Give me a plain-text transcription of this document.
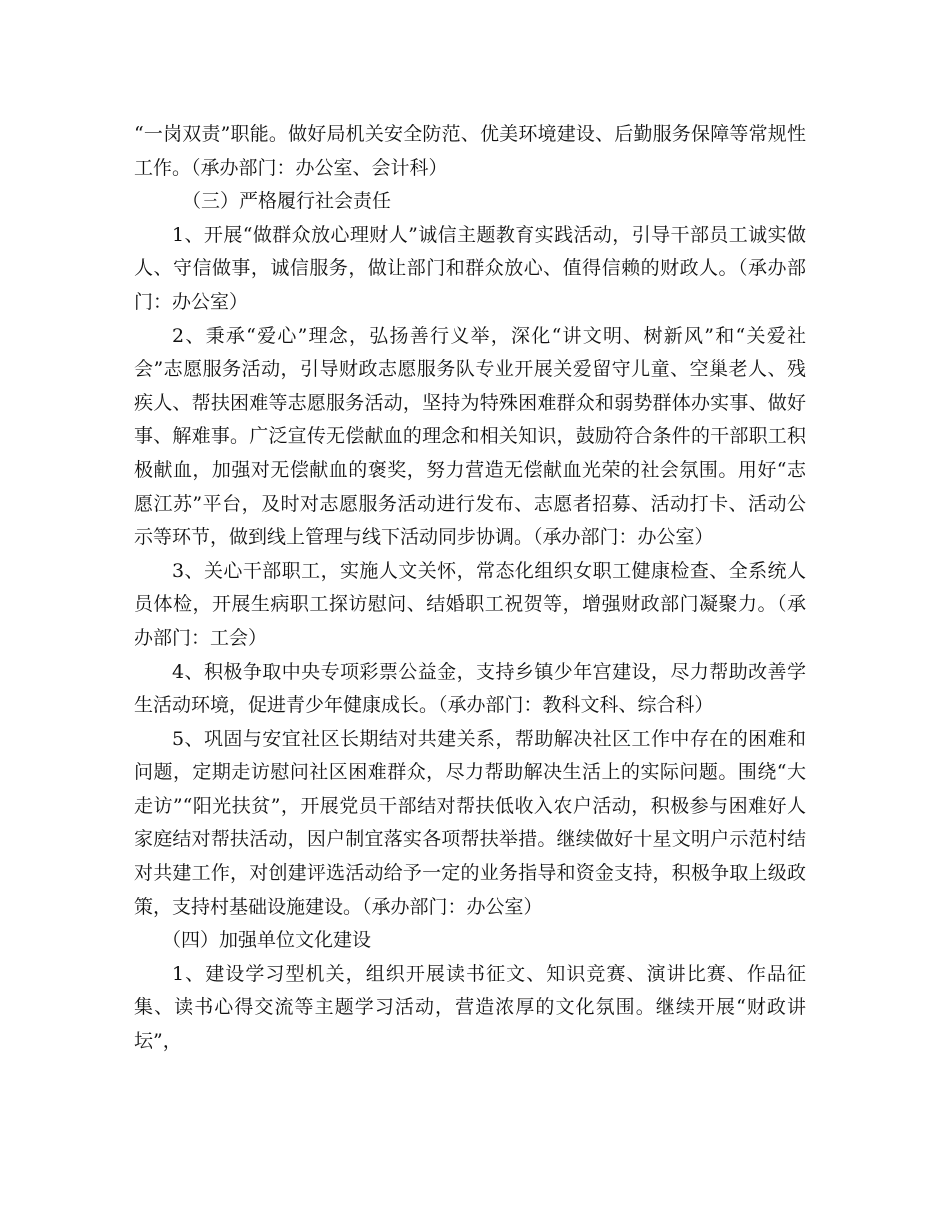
“一岗双责”职能。做好局机关安全防范、优美环境建设、后勤服务保障等常规性工作。（承办部门：办公室、会计科）

（三）严格履行社会责任

1、开展“做群众放心理财人”诚信主题教育实践活动，引导干部员工诚实做人、守信做事，诚信服务，做让部门和群众放心、值得信赖的财政人。（承办部门：办公室）

2、秉承“爱心”理念，弘扬善行义举，深化“讲文明、树新风”和“关爱社会”志愿服务活动，引导财政志愿服务队专业开展关爱留守儿童、空巢老人、残疾人、帮扶困难等志愿服务活动，坚持为特殊困难群众和弱势群体办实事、做好事、解难事。广泛宣传无偿献血的理念和相关知识，鼓励符合条件的干部职工积极献血，加强对无偿献血的褒奖，努力营造无偿献血光荣的社会氛围。用好“志愿江苏”平台，及时对志愿服务活动进行发布、志愿者招募、活动打卡、活动公示等环节，做到线上管理与线下活动同步协调。（承办部门：办公室）

3、关心干部职工，实施人文关怀，常态化组织女职工健康检查、全系统人员体检，开展生病职工探访慰问、结婚职工祝贺等，增强财政部门凝聚力。（承办部门：工会）

4、积极争取中央专项彩票公益金，支持乡镇少年宫建设，尽力帮助改善学生活动环境，促进青少年健康成长。（承办部门：教科文科、综合科）

5、巩固与安宜社区长期结对共建关系，帮助解决社区工作中存在的困难和问题，定期走访慰问社区困难群众，尽力帮助解决生活上的实际问题。围绕“大走访”“阳光扶贫”，开展党员干部结对帮扶低收入农户活动，积极参与困难好人家庭结对帮扶活动，因户制宜落实各项帮扶举措。继续做好十星文明户示范村结对共建工作，对创建评选活动给予一定的业务指导和资金支持，积极争取上级政策，支持村基础设施建设。（承办部门：办公室）

（四）加强单位文化建设

1、建设学习型机关，组织开展读书征文、知识竞赛、演讲比赛、作品征集、读书心得交流等主题学习活动，营造浓厚的文化氛围。继续开展“财政讲坛”，
